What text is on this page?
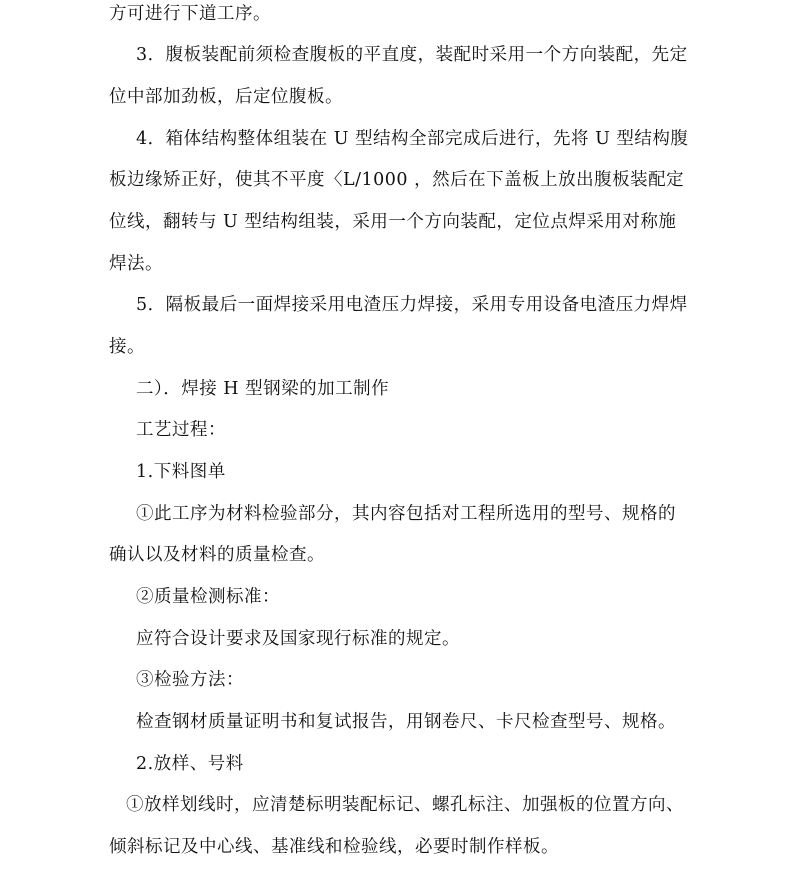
方可进行下道工序。
3．腹板装配前须检查腹板的平直度，装配时采用一个方向装配，先定
位中部加劲板，后定位腹板。
4．箱体结构整体组装在 U 型结构全部完成后进行，先将 U 型结构腹
板边缘矫正好，使其不平度〈L/1000 ，然后在下盖板上放出腹板装配定
位线，翻转与 U 型结构组装，采用一个方向装配，定位点焊采用对称施
焊法。
5．隔板最后一面焊接采用电渣压力焊接，采用专用设备电渣压力焊焊
接。
二）．焊接 H 型钢梁的加工制作
工艺过程：
1.下料图单
①此工序为材料检验部分，其内容包括对工程所选用的型号、规格的
确认以及材料的质量检查。
②质量检测标准：
应符合设计要求及国家现行标准的规定。
③检验方法：
检查钢材质量证明书和复试报告，用钢卷尺、卡尺检查型号、规格。
2.放样、号料
①放样划线时，应清楚标明装配标记、螺孔标注、加强板的位置方向、
倾斜标记及中心线、基准线和检验线，必要时制作样板。
